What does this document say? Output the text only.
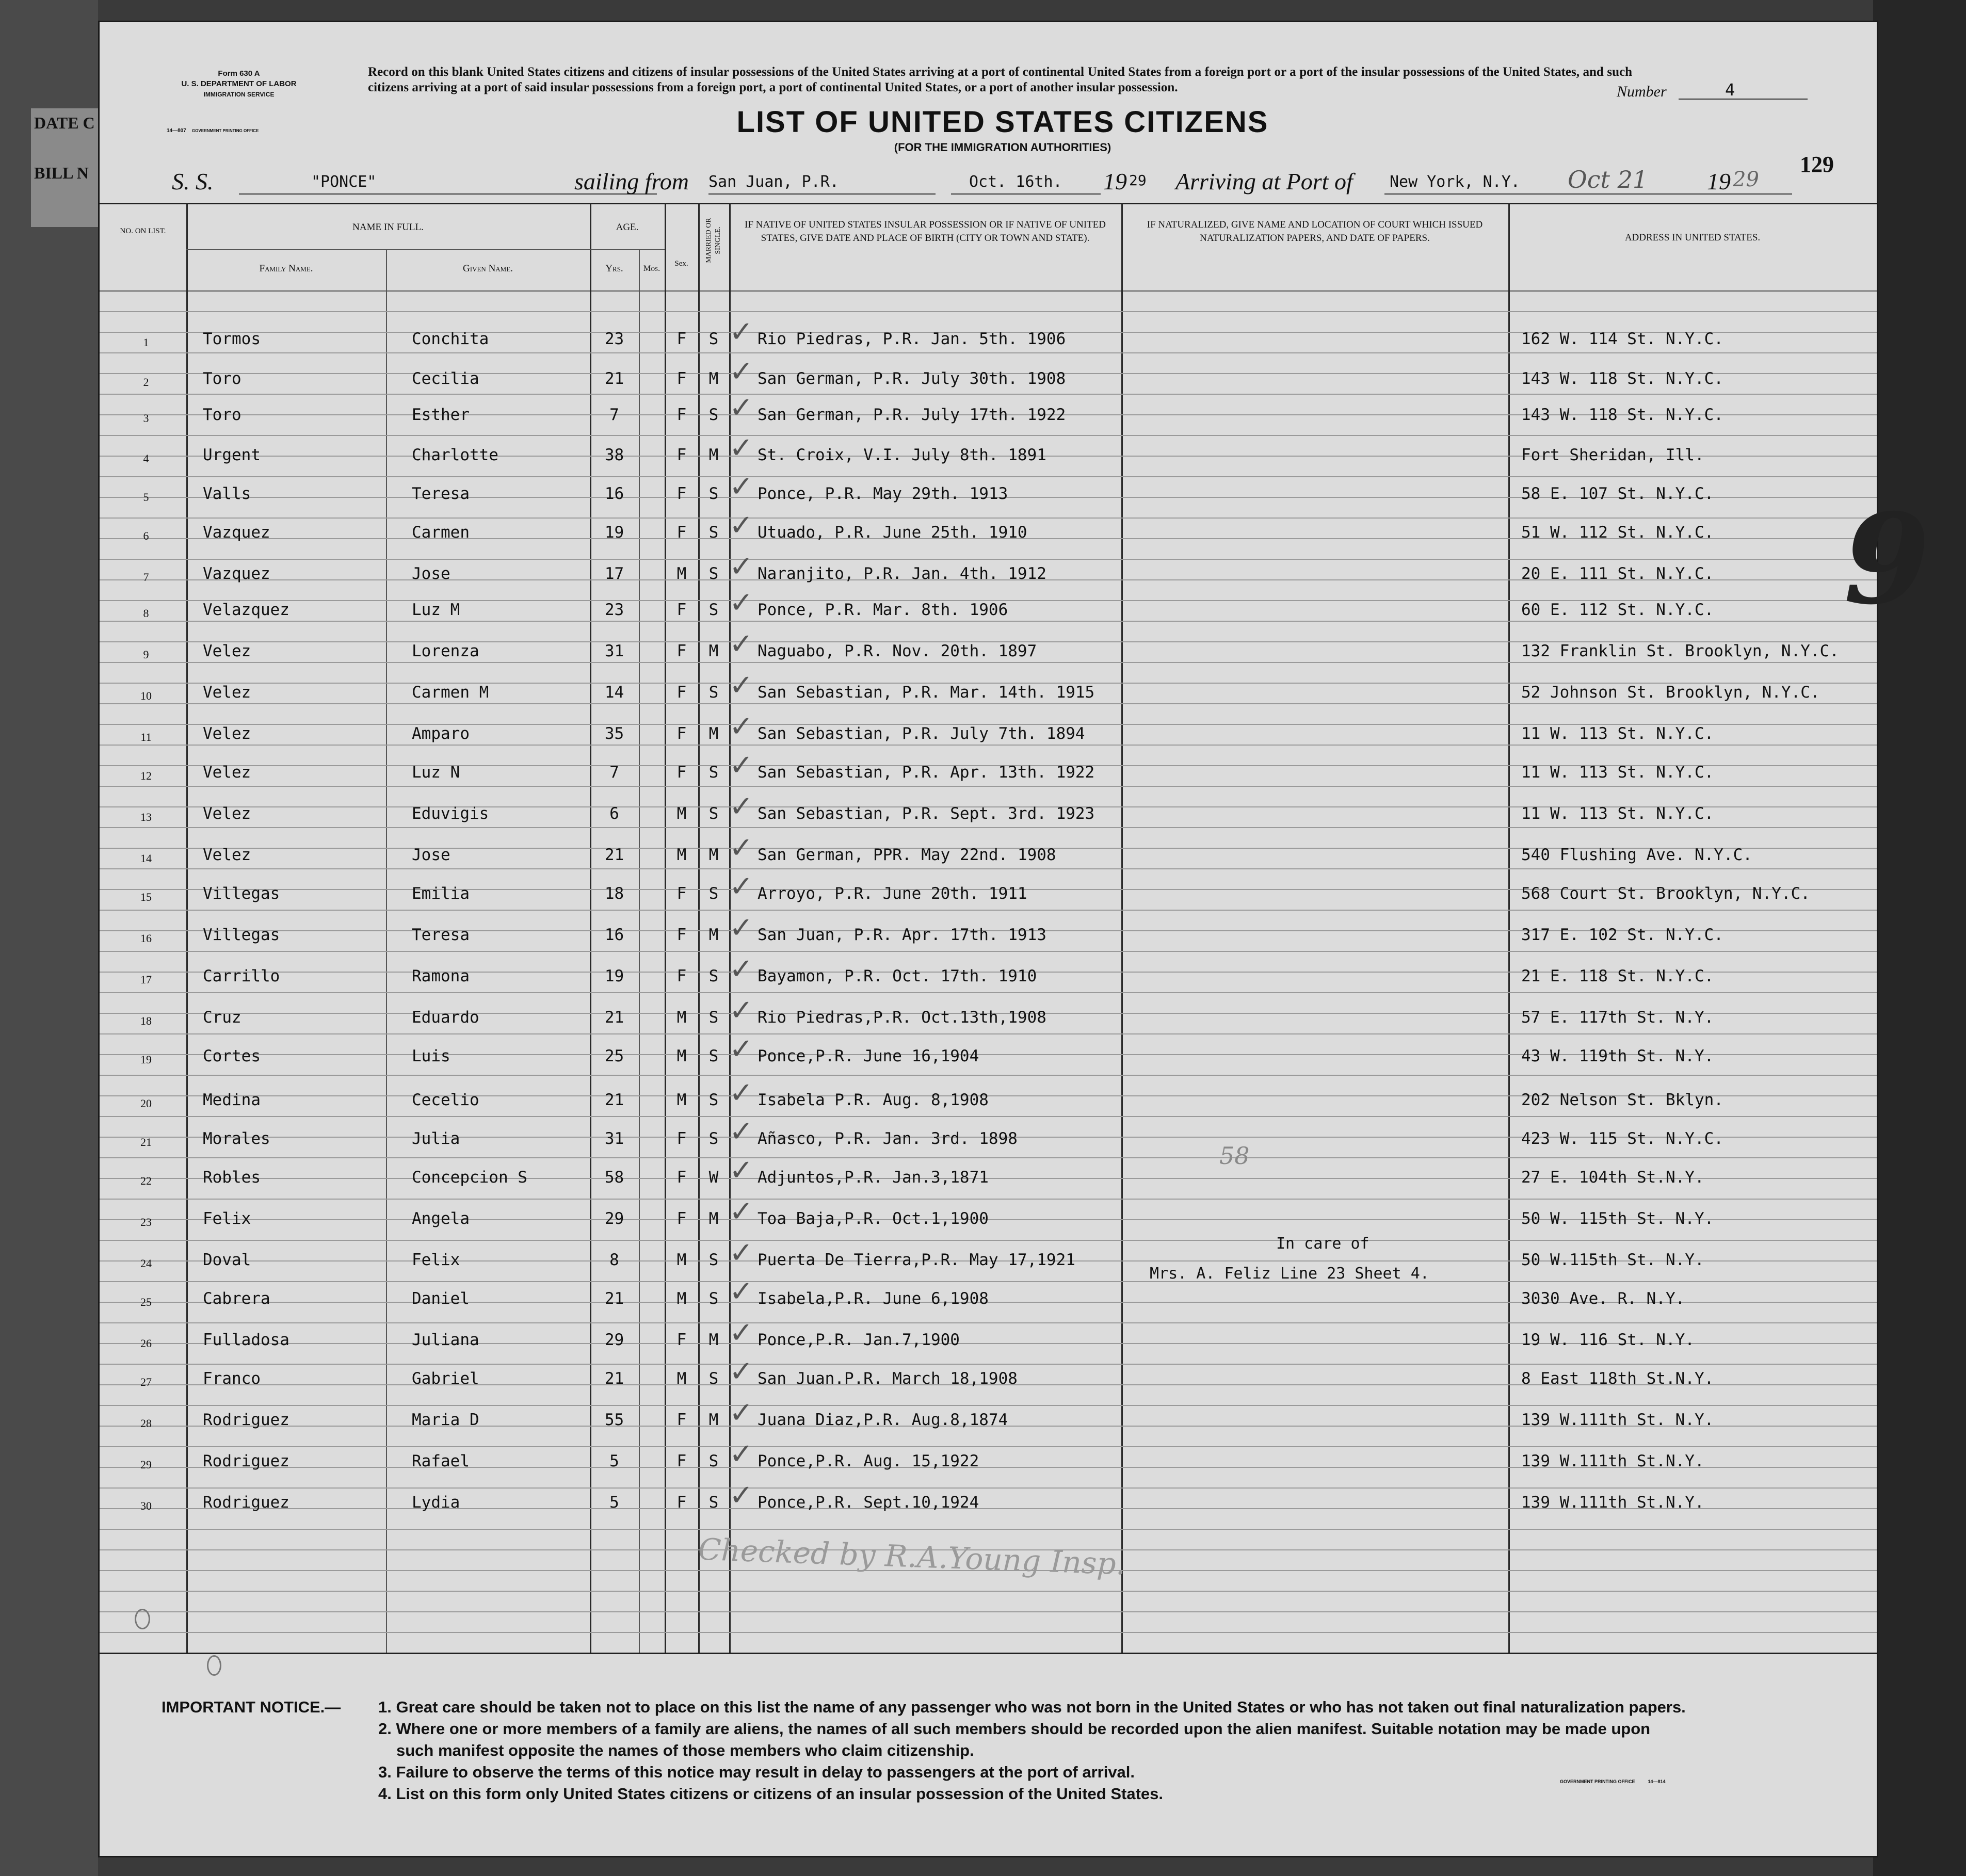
DATE C
BILL N
Form 630 A
U. S. DEPARTMENT OF LABOR
IMMIGRATION SERVICE
14—807 GOVERNMENT PRINTING OFFICE
Record on this blank United States citizens and citizens of insular possessions of the United States arriving at a port of continental United States from a foreign port or a port of the insular possessions of the United States, and such citizens arriving at a port of said insular possessions from a foreign port, a port of continental United States, or a port of another insular possession.
LIST OF UNITED STATES CITIZENS
(FOR THE IMMIGRATION AUTHORITIES)
Number	4
129
S. S.	"PONCE"	sailing from San Juan, P.R.	Oct. 16th. 19 29 Arriving at Port of New York, N.Y. Oct 21 19 29
NO. ON LIST.	NAME IN FULL.
Family Name.	Given Name.
AGE.
Yrs.	Mos.
Sex.
MARRIED OR SINGLE.
IF NATIVE OF UNITED STATES INSULAR POSSESSION OR IF NATIVE OF UNITED STATES, GIVE DATE AND PLACE OF BIRTH (CITY OR TOWN AND STATE).
IF NATURALIZED, GIVE NAME AND LOCATION OF COURT WHICH ISSUED NATURALIZATION PAPERS, AND DATE OF PAPERS.	ADDRESS IN UNITED STATES.
1	Tormos	Conchita	23	F	S	Rio Piedras, P.R. Jan. 5th. 1906	162 W. 114 St. N.Y.C.
✓
2	Toro	Cecilia	21	F	M	San German, P.R. July 30th. 1908	143 W. 118 St. N.Y.C.
✓
3	Toro	Esther	7	F	S	San German, P.R. July 17th. 1922	143 W. 118 St. N.Y.C.
✓
4	Urgent	Charlotte	38	F	M	St. Croix, V.I. July 8th. 1891	Fort Sheridan, Ill.
✓
5	Valls	Teresa	16	F	S	Ponce, P.R. May 29th. 1913	58 E. 107 St. N.Y.C.
✓
6	Vazquez	Carmen	19	F	S	Utuado, P.R. June 25th. 1910	51 W. 112 St. N.Y.C.
✓
7	Vazquez	Jose	17	M	S	Naranjito, P.R. Jan. 4th. 1912	20 E. 111 St. N.Y.C.
✓
8	Velazquez	Luz M	23	F	S	Ponce, P.R. Mar. 8th. 1906	60 E. 112 St. N.Y.C.
✓
9	Velez	Lorenza	31	F	M	Naguabo, P.R. Nov. 20th. 1897	132 Franklin St. Brooklyn, N.Y.C.
✓
10	Velez	Carmen M	14	F	S	San Sebastian, P.R. Mar. 14th. 1915	52 Johnson St. Brooklyn, N.Y.C.
✓
11	Velez	Amparo	35	F	M	San Sebastian, P.R. July 7th. 1894	11 W. 113 St. N.Y.C.
✓
12	Velez	Luz N	7	F	S	San Sebastian, P.R. Apr. 13th. 1922	11 W. 113 St. N.Y.C.
✓
13	Velez	Eduvigis	6	M	S	San Sebastian, P.R. Sept. 3rd. 1923	11 W. 113 St. N.Y.C.
✓
14	Velez	Jose	21	M	M	San German, PPR. May 22nd. 1908	540 Flushing Ave. N.Y.C.
✓
15	Villegas	Emilia	18	F	S	Arroyo, P.R. June 20th. 1911	568 Court St. Brooklyn, N.Y.C.
✓
16	Villegas	Teresa	16	F	M	San Juan, P.R. Apr. 17th. 1913	317 E. 102 St. N.Y.C.
✓
17	Carrillo	Ramona	19	F	S	Bayamon, P.R. Oct. 17th. 1910	21 E. 118 St. N.Y.C.
✓
18	Cruz	Eduardo	21	M	S	Rio Piedras,P.R. Oct.13th,1908	57 E. 117th St. N.Y.
✓
19	Cortes	Luis	25	M	S	Ponce,P.R. June 16,1904	43 W. 119th St. N.Y.
✓
20	Medina	Cecelio	21	M	S	Isabela P.R. Aug. 8,1908	202 Nelson St. Bklyn.
✓
21	Morales	Julia	31	F	S	Añasco, P.R. Jan. 3rd. 1898	423 W. 115 St. N.Y.C.
✓
22	Robles	Concepcion S	58	F	W	Adjuntos,P.R. Jan.3,1871	27 E. 104th St.N.Y.
✓
23	Felix	Angela	29	F	M	Toa Baja,P.R. Oct.1,1900	50 W. 115th St. N.Y.
✓
24	Doval	Felix	8	M	S	Puerta De Tierra,P.R. May 17,1921	50 W.115th St. N.Y.
✓
25	Cabrera	Daniel	21	M	S	Isabela,P.R. June 6,1908	3030 Ave. R. N.Y.
✓
26	Fulladosa	Juliana	29	F	M	Ponce,P.R. Jan.7,1900	19 W. 116 St. N.Y.
✓
27	Franco	Gabriel	21	M	S	San Juan.P.R. March 18,1908	8 East 118th St.N.Y.
✓
28	Rodriguez	Maria D	55	F	M	Juana Diaz,P.R. Aug.8,1874	139 W.111th St. N.Y.
✓
29	Rodriguez	Rafael	5	F	S	Ponce,P.R. Aug. 15,1922	139 W.111th St.N.Y.
✓
30	Rodriguez	Lydia	5	F	S	Ponce,P.R. Sept.10,1924	139 W.111th St.N.Y.
✓
58
In care of
Mrs. A. Feliz Line 23 Sheet 4.
Checked by R.A.Young Insp.
9
IMPORTANT NOTICE.— 1. Great care should be taken not to place on this list the name of any passenger who was not born in the United States or who has not taken out final naturalization papers.
2. Where one or more members of a family are aliens, the names of all such members should be recorded upon the alien manifest. Suitable notation may be made upon
such manifest opposite the names of those members who claim citizenship.
3. Failure to observe the terms of this notice may result in delay to passengers at the port of arrival.
4. List on this form only United States citizens or citizens of an insular possession of the United States.
GOVERNMENT PRINTING OFFICE	14—814
